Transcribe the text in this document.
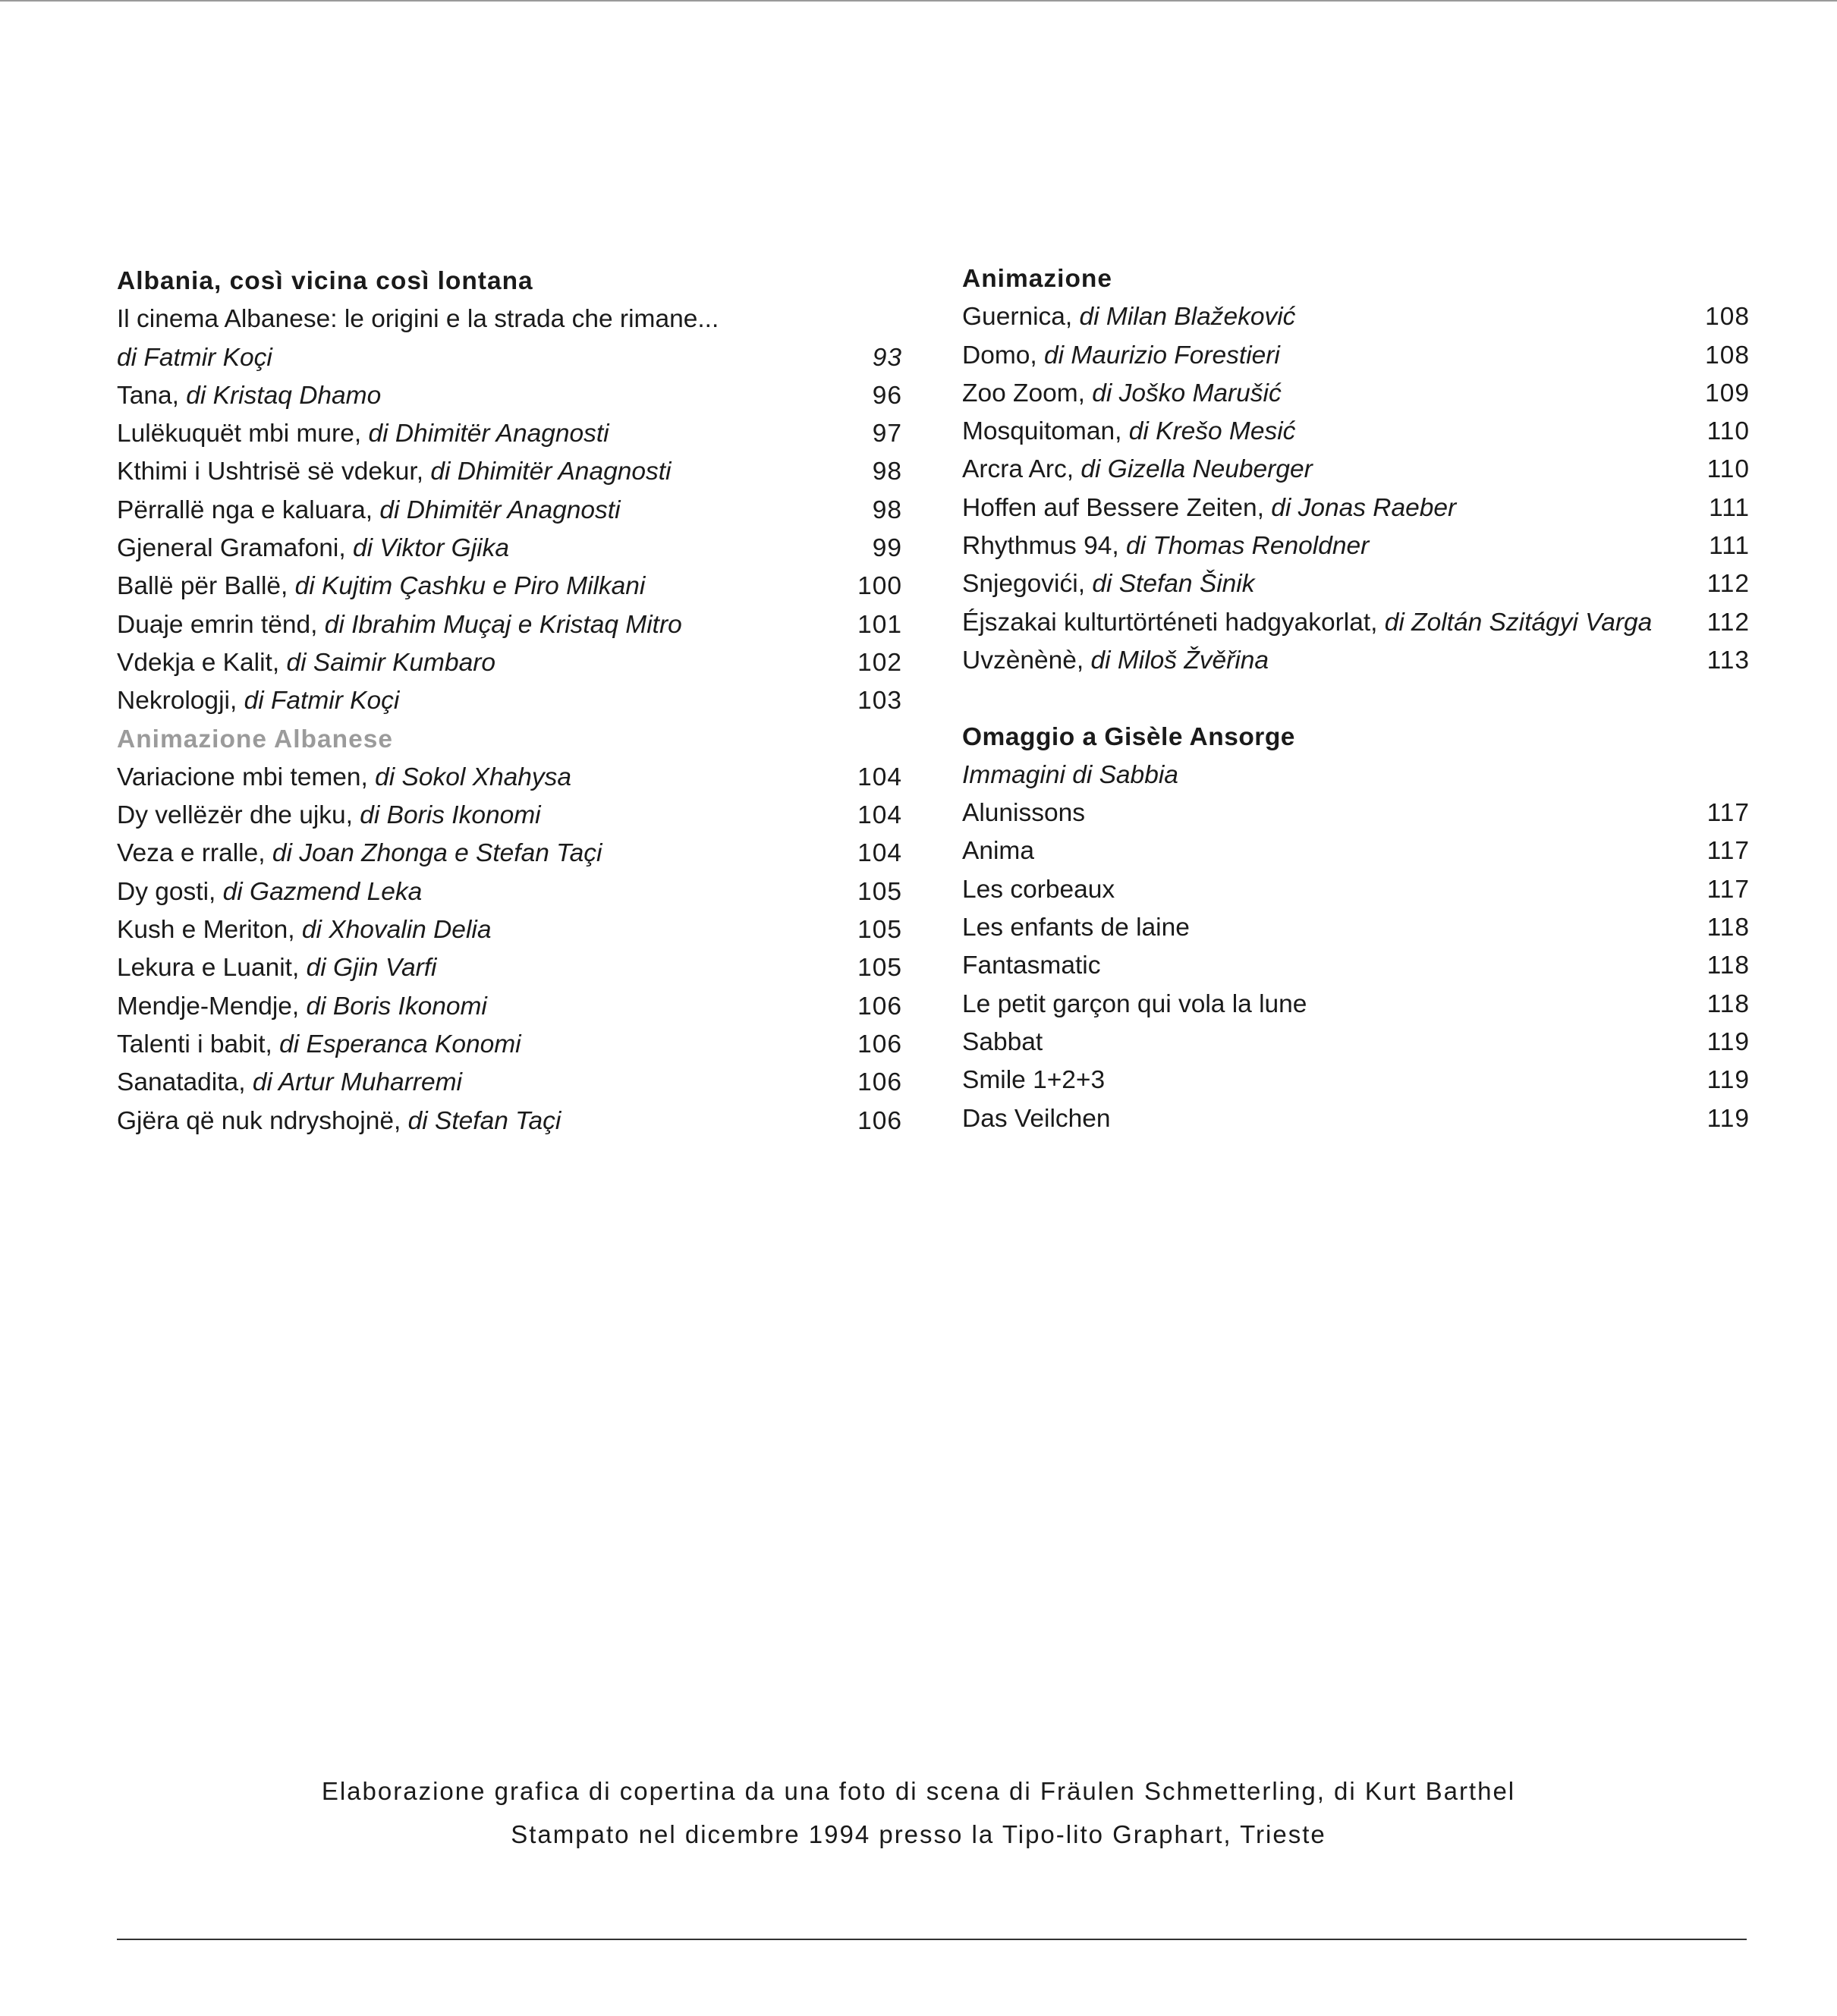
Albania, così vicina così lontana
Il cinema Albanese: le origini e la strada che rimane...
di Fatmir Koçi	93
Tana, di Kristaq Dhamo	96
Lulëkuquët mbi mure, di Dhimitër Anagnosti	97
Kthimi i Ushtrisë së vdekur, di Dhimitër Anagnosti	98
Përrallë nga e kaluara, di Dhimitër Anagnosti	98
Gjeneral Gramafoni, di Viktor Gjika	99
Ballë për Ballë, di Kujtim Çashku e Piro Milkani	100
Duaje emrin tënd, di Ibrahim Muçaj e Kristaq Mitro	101
Vdekja e Kalit, di Saimir Kumbaro	102
Nekrologji, di Fatmir Koçi	103
Animazione Albanese
Variacione mbi temen, di Sokol Xhahysa	104
Dy vellëzër dhe ujku, di Boris Ikonomi	104
Veza e rralle, di Joan Zhonga e Stefan Taçi	104
Dy gosti, di Gazmend Leka	105
Kush e Meriton, di Xhovalin Delia	105
Lekura e Luanit, di Gjin Varfi	105
Mendje-Mendje, di Boris Ikonomi	106
Talenti i babit, di Esperanca Konomi	106
Sanatadita, di Artur Muharremi	106
Gjëra që nuk ndryshojnë, di Stefan Taçi	106
Animazione
Guernica, di Milan Blažeković	108
Domo, di Maurizio Forestieri	108
Zoo Zoom, di Joško Marušić	109
Mosquitoman, di Krešo Mesić	110
Arcra Arc, di Gizella Neuberger	110
Hoffen auf Bessere Zeiten, di Jonas Raeber	111
Rhythmus 94, di Thomas Renoldner	111
Snjegovići, di Stefan Šinik	112
Éjszakai kulturtörténeti hadgyakorlat, di Zoltán Szitágyi Varga 112
Uvzènènè, di Miloš Žvěřina	113
Omaggio a Gisèle Ansorge
Immagini di Sabbia
Alunissons	117
Anima	117
Les corbeaux	117
Les enfants de laine	118
Fantasmatic	118
Le petit garçon qui vola la lune	118
Sabbat	119
Smile 1+2+3	119
Das Veilchen	119
Elaborazione grafica di copertina da una foto di scena di Fräulen Schmetterling, di Kurt Barthel
Stampato nel dicembre 1994 presso la Tipo-lito Graphart, Trieste
